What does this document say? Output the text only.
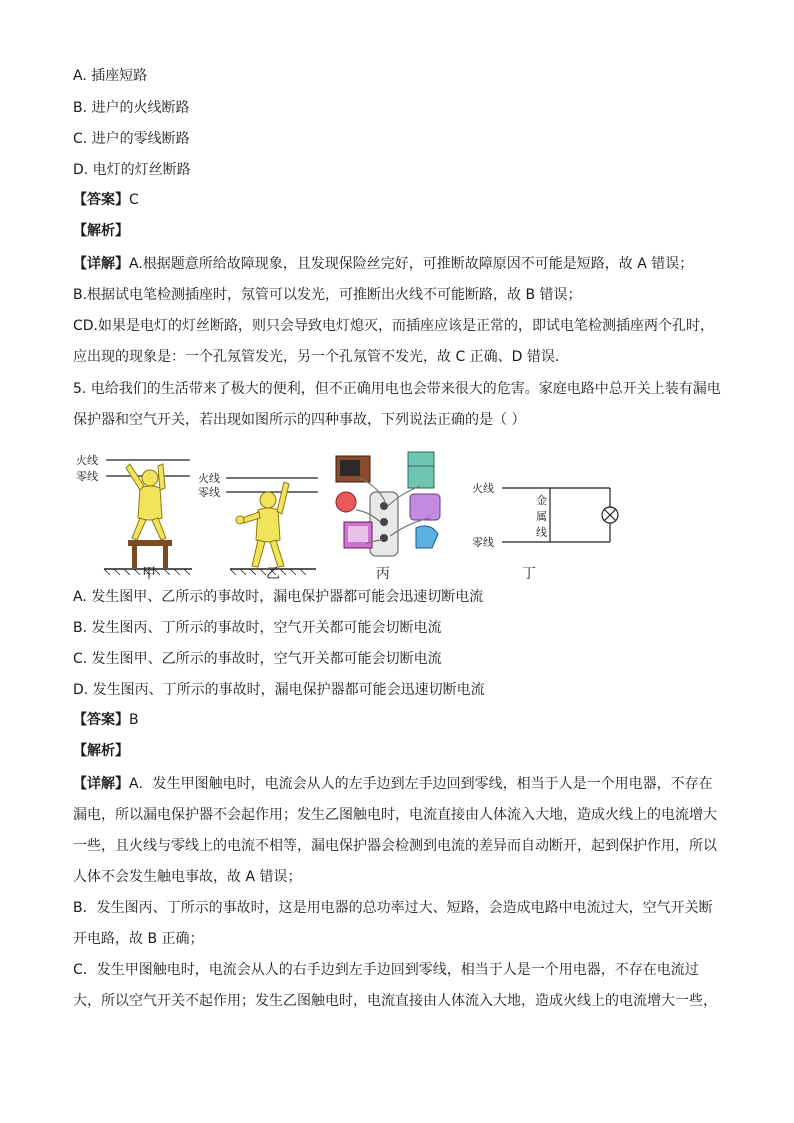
A. 插座短路
B. 进户的火线断路
C. 进户的零线断路
D. 电灯的灯丝断路
【答案】C
【解析】
【详解】A.根据题意所给故障现象，且发现保险丝完好，可推断故障原因不可能是短路，故 A 错误；
B.根据试电笔检测插座时，氖管可以发光，可推断出火线不可能断路，故 B 错误；
CD.如果是电灯的灯丝断路，则只会导致电灯熄灭，而插座应该是正常的，即试电笔检测插座两个孔时，
应出现的现象是：一个孔氖管发光，另一个孔氖管不发光，故 C 正确、D 错误．
5. 电给我们的生活带来了极大的便利，但不正确用电也会带来很大的危害。家庭电路中总开关上装有漏电
保护器和空气开关，若出现如图所示的四种事故，下列说法正确的是（ ）
火线
零线
甲
火线
零线
乙	丙
火线
零线
金
属
线
丁
A. 发生图甲、乙所示的事故时，漏电保护器都可能会迅速切断电流
B. 发生图丙、丁所示的事故时，空气开关都可能会切断电流
C. 发生图甲、乙所示的事故时，空气开关都可能会切断电流
D. 发生图丙、丁所示的事故时，漏电保护器都可能会迅速切断电流
【答案】B
【解析】
【详解】A．发生甲图触电时，电流会从人的左手边到左手边回到零线，相当于人是一个用电器，不存在
漏电，所以漏电保护器不会起作用；发生乙图触电时，电流直接由人体流入大地，造成火线上的电流增大
一些，且火线与零线上的电流不相等，漏电保护器会检测到电流的差异而自动断开，起到保护作用，所以
人体不会发生触电事故，故 A 错误；
B．发生图丙、丁所示的事故时，这是用电器的总功率过大、短路，会造成电路中电流过大，空气开关断
开电路，故 B 正确；
C．发生甲图触电时，电流会从人的右手边到左手边回到零线，相当于人是一个用电器，不存在电流过
大，所以空气开关不起作用；发生乙图触电时，电流直接由人体流入大地，造成火线上的电流增大一些，
